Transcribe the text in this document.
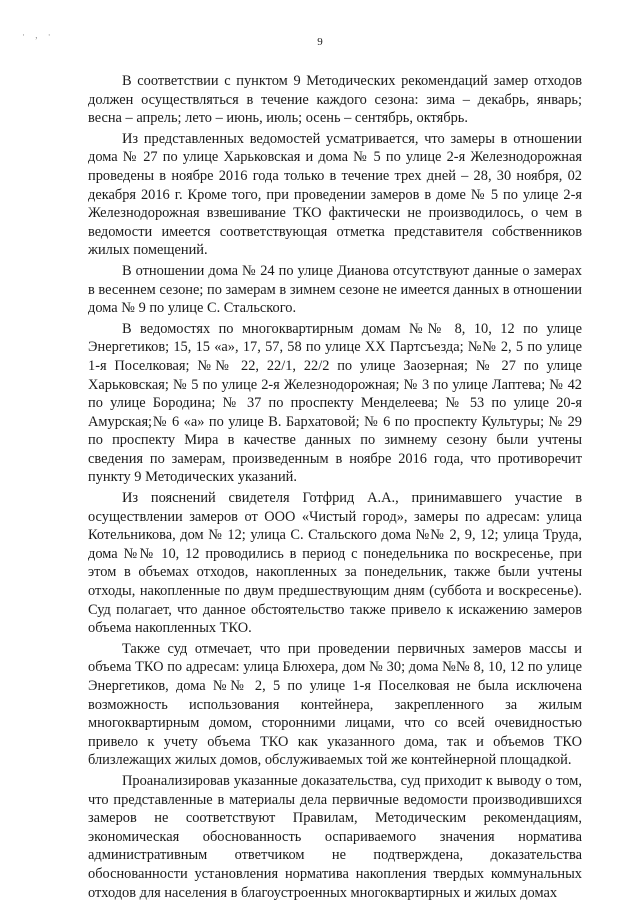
· , ·
9

В соответствии с пунктом 9 Методических рекомендаций замер отходов должен осуществляться в течение каждого сезона: зима – декабрь, январь; весна – апрель; лето – июнь, июль; осень – сентябрь, октябрь.

Из представленных ведомостей усматривается, что замеры в отношении дома № 27 по улице Харьковская и дома № 5 по улице 2-я Железнодорожная проведены в ноябре 2016 года только в течение трех дней – 28, 30 ноября, 02 декабря 2016 г. Кроме того, при проведении замеров в доме № 5 по улице 2-я Железнодорожная взвешивание ТКО фактически не производилось, о чем в ведомости имеется соответствующая отметка представителя собственников жилых помещений.

В отношении дома № 24 по улице Дианова отсутствуют данные о замерах в весеннем сезоне; по замерам в зимнем сезоне не имеется данных в отношении дома № 9 по улице С. Стальского.

В ведомостях по многоквартирным домам №№ 8, 10, 12 по улице Энергетиков; 15, 15 «а», 17, 57, 58 по улице XX Партсъезда; №№ 2, 5 по улице 1-я Поселковая; №№ 22, 22/1, 22/2 по улице Заозерная; № 27 по улице Харьковская; № 5 по улице 2-я Железнодорожная; № 3 по улице Лаптева; № 42 по улице Бородина; № 37 по проспекту Менделеева; № 53 по улице 20-я Амурская;№ 6 «а» по улице В. Бархатовой; № 6 по проспекту Культуры; № 29 по проспекту Мира в качестве данных по зимнему сезону были учтены сведения по замерам, произведенным в ноябре 2016 года, что противоречит пункту 9 Методических указаний.

Из пояснений свидетеля Готфрид А.А., принимавшего участие в осуществлении замеров от ООО «Чистый город», замеры по адресам: улица Котельникова, дом № 12; улица С. Стальского дома №№ 2, 9, 12; улица Труда, дома №№ 10, 12 проводились в период с понедельника по воскресенье, при этом в объемах отходов, накопленных за понедельник, также были учтены отходы, накопленные по двум предшествующим дням (суббота и воскресенье). Суд полагает, что данное обстоятельство также привело к искажению замеров объема накопленных ТКО.

Также суд отмечает, что при проведении первичных замеров массы и объема ТКО по адресам: улица Блюхера, дом № 30; дома №№ 8, 10, 12 по улице Энергетиков, дома №№ 2, 5 по улице 1-я Поселковая не была исключена возможность использования контейнера, закрепленного за жилым многоквартирным домом, сторонними лицами, что со всей очевидностью привело к учету объема ТКО как указанного дома, так и объемов ТКО близлежащих жилых домов, обслуживаемых той же контейнерной площадкой.

Проанализировав указанные доказательства, суд приходит к выводу о том, что представленные в материалы дела первичные ведомости производившихся замеров не соответствуют Правилам, Методическим рекомендациям, экономическая обоснованность оспариваемого значения норматива административным ответчиком не подтверждена, доказательства обоснованности установления норматива накопления твердых коммунальных отходов для населения в благоустроенных многоквартирных и жилых домах
